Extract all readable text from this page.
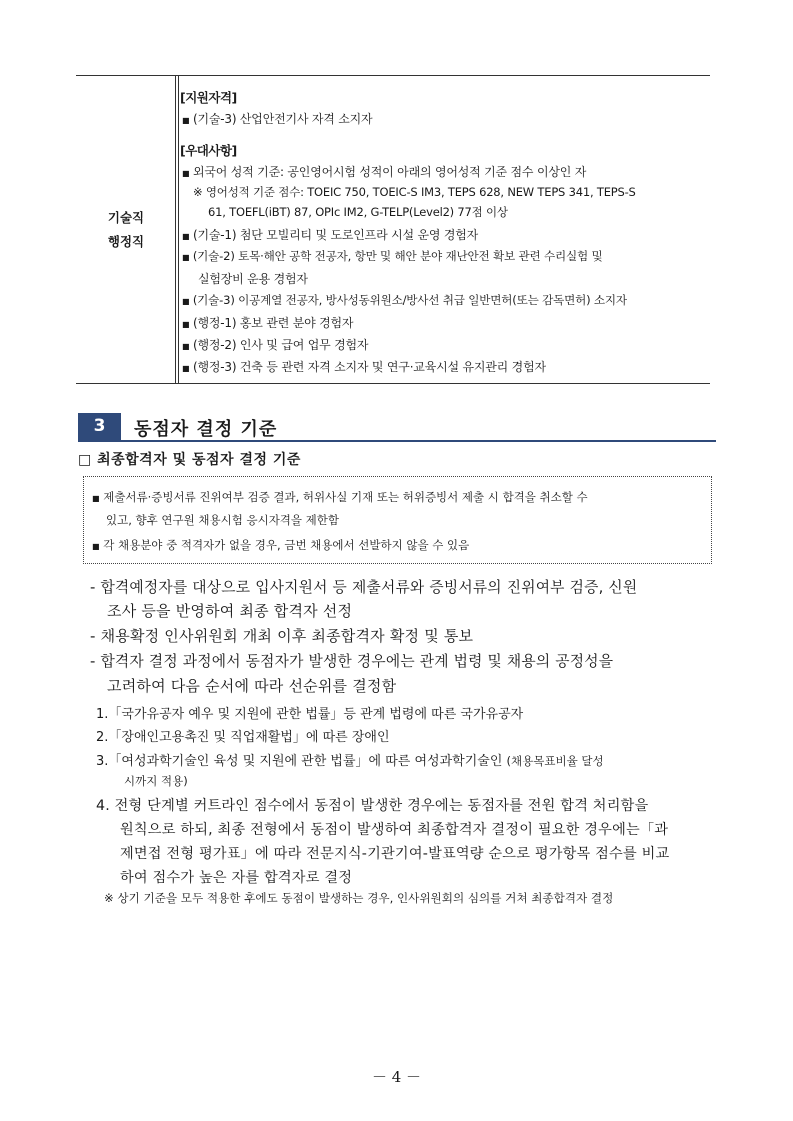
기술직
행정직
[지원자격]
■ (기술-3) 산업안전기사 자격 소지자
[우대사항]
■ 외국어 성적 기준: 공인영어시험 성적이 아래의 영어성적 기준 점수 이상인 자
※ 영어성적 기준 점수: TOEIC 750, TOEIC-S IM3, TEPS 628, NEW TEPS 341, TEPS-S
61, TOEFL(iBT) 87, OPIc IM2, G-TELP(Level2) 77점 이상
■ (기술-1) 첨단 모빌리티 및 도로인프라 시설 운영 경험자
■ (기술-2) 토목·해안 공학 전공자, 항만 및 해안 분야 재난안전 확보 관련 수리실험 및
실험장비 운용 경험자
■ (기술-3) 이공계열 전공자, 방사성동위원소/방사선 취급 일반면허(또는 감독면허) 소지자
■ (행정-1) 홍보 관련 분야 경험자
■ (행정-2) 인사 및 급여 업무 경험자
■ (행정-3) 건축 등 관련 자격 소지자 및 연구·교육시설 유지관리 경험자
3	동점자 결정 기준
□ 최종합격자 및 동점자 결정 기준
■ 제출서류·증빙서류 진위여부 검증 결과, 허위사실 기재 또는 허위증빙서 제출 시 합격을 취소할 수
있고, 향후 연구원 채용시험 응시자격을 제한함
■ 각 채용분야 중 적격자가 없을 경우, 금번 채용에서 선발하지 않을 수 있음
- 합격예정자를 대상으로 입사지원서 등 제출서류와 증빙서류의 진위여부 검증, 신원
조사 등을 반영하여 최종 합격자 선정
- 채용확정 인사위원회 개최 이후 최종합격자 확정 및 통보
- 합격자 결정 과정에서 동점자가 발생한 경우에는 관계 법령 및 채용의 공정성을
고려하여 다음 순서에 따라 선순위를 결정함
1.「국가유공자 예우 및 지원에 관한 법률」등 관계 법령에 따른 국가유공자
2.「장애인고용촉진 및 직업재활법」에 따른 장애인
3.「여성과학기술인 육성 및 지원에 관한 법률」에 따른 여성과학기술인 (채용목표비율 달성
시까지 적용)
4. 전형 단계별 커트라인 점수에서 동점이 발생한 경우에는 동점자를 전원 합격 처리함을
원칙으로 하되, 최종 전형에서 동점이 발생하여 최종합격자 결정이 필요한 경우에는「과
제면접 전형 평가표」에 따라 전문지식-기관기여-발표역량 순으로 평가항목 점수를 비교
하여 점수가 높은 자를 합격자로 결정
※ 상기 기준을 모두 적용한 후에도 동점이 발생하는 경우, 인사위원회의 심의를 거쳐 최종합격자 결정
－ 4 －
